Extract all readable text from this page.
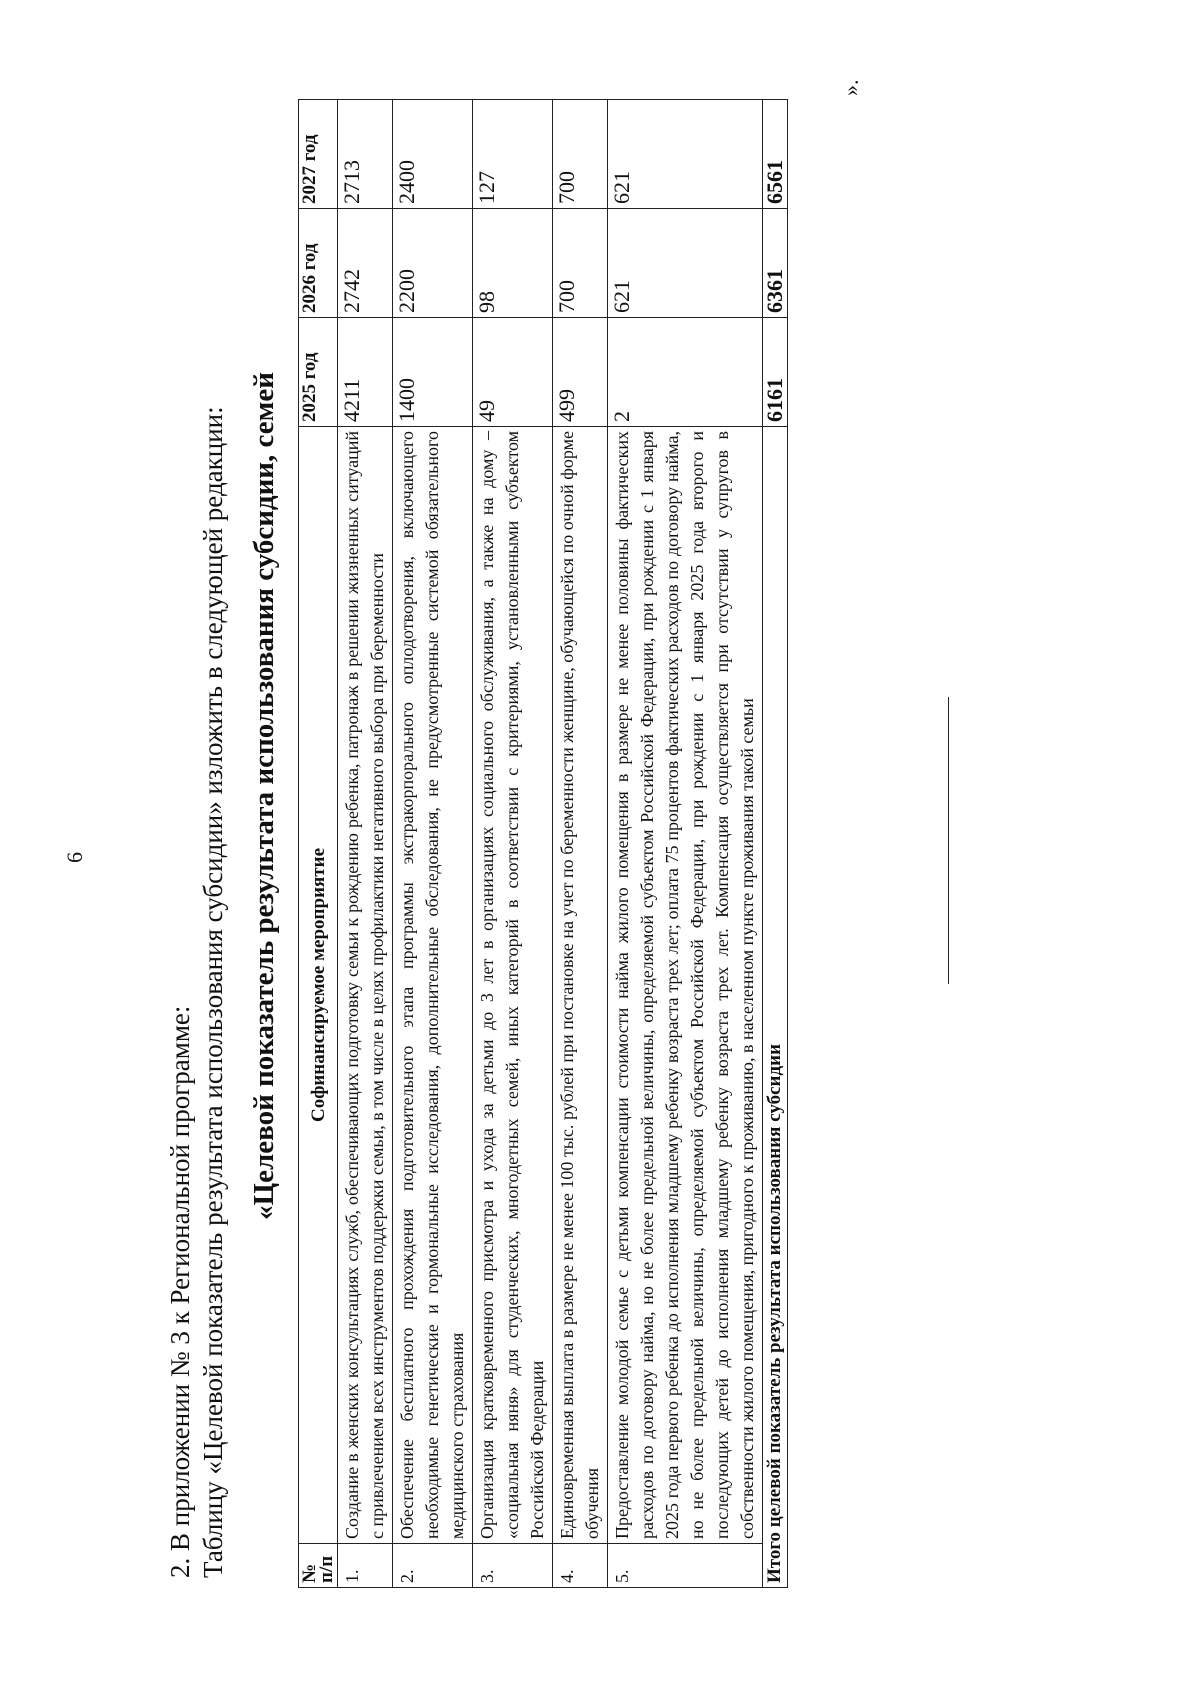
6
2. В приложении № 3 к Региональной программе: Таблицу «Целевой показатель результата использования субсидии» изложить в следующей редакции: «Целевой показатель результата использования субсидии, семей
№ п/п	Софинансируемое мероприятие	2025 год	2026 год	2027 год
1.	Создание в женских консультациях служб, обеспечивающих подготовку семьи к рождению ребенка, патронаж в решении жизненных ситуаций с привлечением всех инструментов поддержки семьи, в том числе в целях профилактики негативного выбора при беременности	4211	2742	2713
2.	Обеспечение бесплатного прохождения подготовительного этапа программы экстракорпорального оплодотворения, включающего необходимые генетические и гормональные исследования, дополнительные обследования, не предусмотренные системой обязательного медицинского страхования	1400	2200	2400
3.	Организация кратковременного присмотра и ухода за детьми до 3 лет в организациях социального обслуживания, а также на дому – «социальная няня» для студенческих, многодетных семей, иных категорий в соответствии с критериями, установленными субъектом Российской Федерации	49	98	127
4.	Единовременная выплата в размере не менее 100 тыс. рублей при постановке на учет по беременности женщине, обучающейся по очной форме обучения	499	700	700
5.	Предоставление молодой семье с детьми компенсации стоимости найма жилого помещения в размере не менее половины фактических расходов по договору найма, но не более предельной величины, определяемой субъектом Российской Федерации, при рождении с 1 января 2025 года первого ребенка до исполнения младшему ребенку возраста трех лет; оплата 75 процентов фактических расходов по договору найма, но не более предельной величины, определяемой субъектом Российской Федерации, при рождении с 1 января 2025 года второго и последующих детей до исполнения младшему ребенку возраста трех лет. Компенсация осуществляется при отсутствии у супругов в собственности жилого помещения, пригодного к проживанию, в населенном пункте проживания такой семьи	2	621	621
Итого целевой показатель результата использования субсидии		6161	6361	6561
».
